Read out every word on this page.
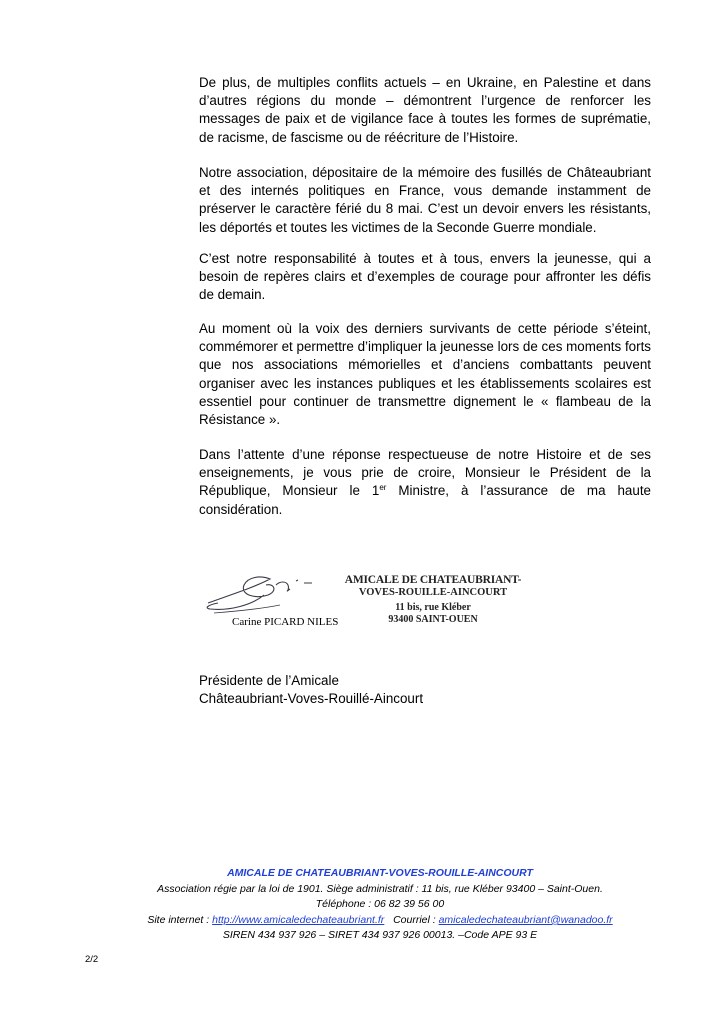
De plus, de multiples conflits actuels – en Ukraine, en Palestine et dans d’autres régions du monde – démontrent l’urgence de renforcer les messages de paix et de vigilance face à toutes les formes de suprématie, de racisme, de fascisme ou de réécriture de l’Histoire.

Notre association, dépositaire de la mémoire des fusillés de Châteaubriant et des internés politiques en France, vous demande instamment de préserver le caractère férié du 8 mai. C’est un devoir envers les résistants, les déportés et toutes les victimes de la Seconde Guerre mondiale.

C’est notre responsabilité à toutes et à tous, envers la jeunesse, qui a besoin de repères clairs et d’exemples de courage pour affronter les défis de demain.

Au moment où la voix des derniers survivants de cette période s’éteint, commémorer et permettre d’impliquer la jeunesse lors de ces moments forts que nos associations mémorielles et d’anciens combattants peuvent organiser avec les instances publiques et les établissements scolaires est essentiel pour continuer de transmettre dignement le « flambeau de la Résistance ».

Dans l’attente d’une réponse respectueuse de notre Histoire et de ses enseignements, je vous prie de croire, Monsieur le Président de la République, Monsieur le 1er Ministre, à l’assurance de ma haute considération.

Carine PICARD NILES
AMICALE DE CHATEAUBRIANT-
VOVES-ROUILLE-AINCOURT
11 bis, rue Kléber
93400 SAINT-OUEN
Présidente de l’Amicale
Châteaubriant-Voves-Rouillé-Aincourt
AMICALE DE CHATEAUBRIANT-VOVES-ROUILLE-AINCOURT
Association régie par la loi de 1901. Siège administratif : 11 bis, rue Kléber 93400 – Saint-Ouen.
Téléphone : 06 82 39 56 00
Site internet : http://www.amicaledechateaubriant.fr Courriel : amicaledechateaubriant@wanadoo.fr
SIREN 434 937 926 – SIRET 434 937 926 00013. –Code APE 93 E
2/2
